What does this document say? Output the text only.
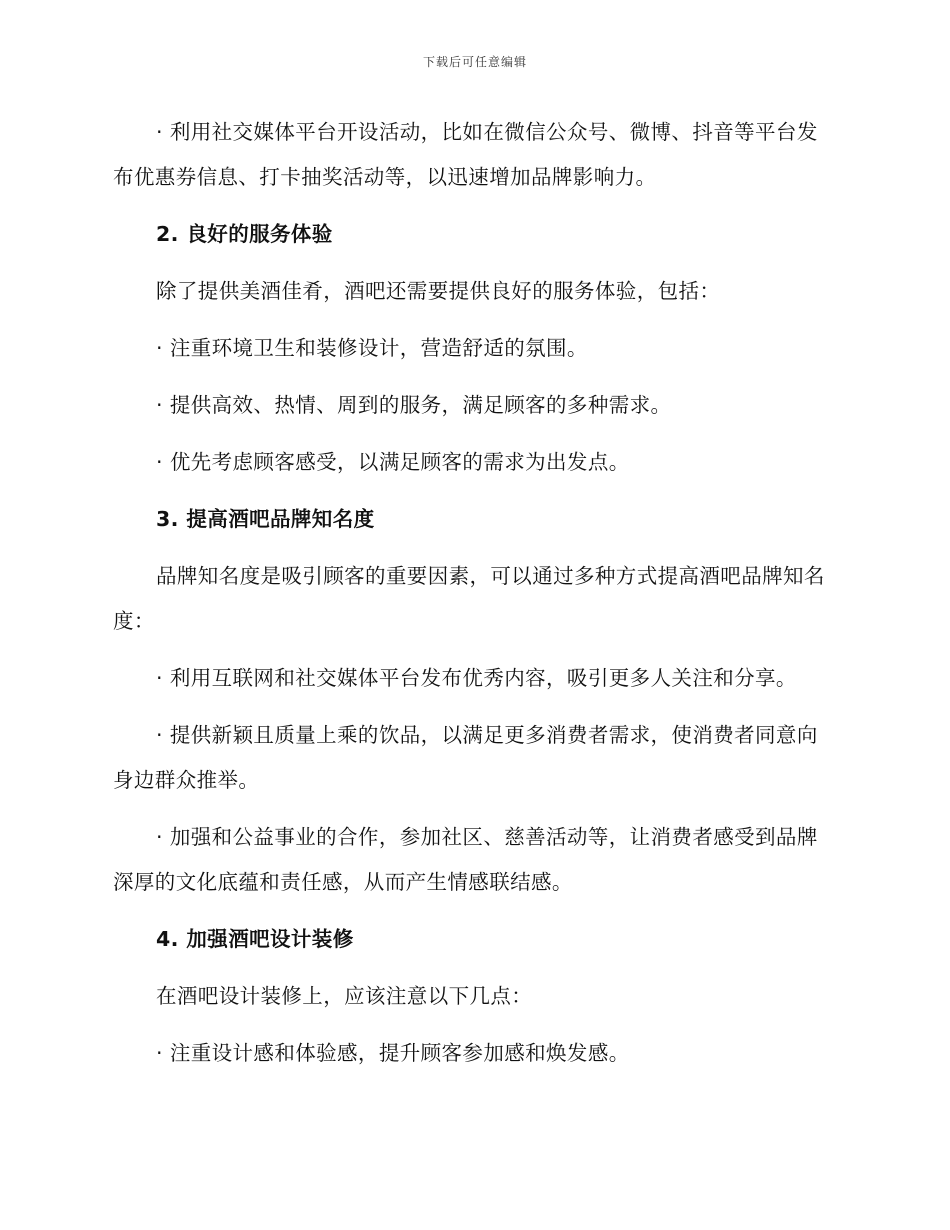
下载后可任意编辑

· 利用社交媒体平台开设活动，比如在微信公众号、微博、抖音等平台发布优惠券信息、打卡抽奖活动等，以迅速增加品牌影响力。

2. 良好的服务体验

除了提供美酒佳肴，酒吧还需要提供良好的服务体验，包括：

· 注重环境卫生和装修设计，营造舒适的氛围。

· 提供高效、热情、周到的服务，满足顾客的多种需求。

· 优先考虑顾客感受，以满足顾客的需求为出发点。

3. 提高酒吧品牌知名度

品牌知名度是吸引顾客的重要因素，可以通过多种方式提高酒吧品牌知名度：

· 利用互联网和社交媒体平台发布优秀内容，吸引更多人关注和分享。

· 提供新颖且质量上乘的饮品，以满足更多消费者需求，使消费者同意向身边群众推举。

· 加强和公益事业的合作，参加社区、慈善活动等，让消费者感受到品牌深厚的文化底蕴和责任感，从而产生情感联结感。

4. 加强酒吧设计装修

在酒吧设计装修上，应该注意以下几点：

· 注重设计感和体验感，提升顾客参加感和焕发感。
